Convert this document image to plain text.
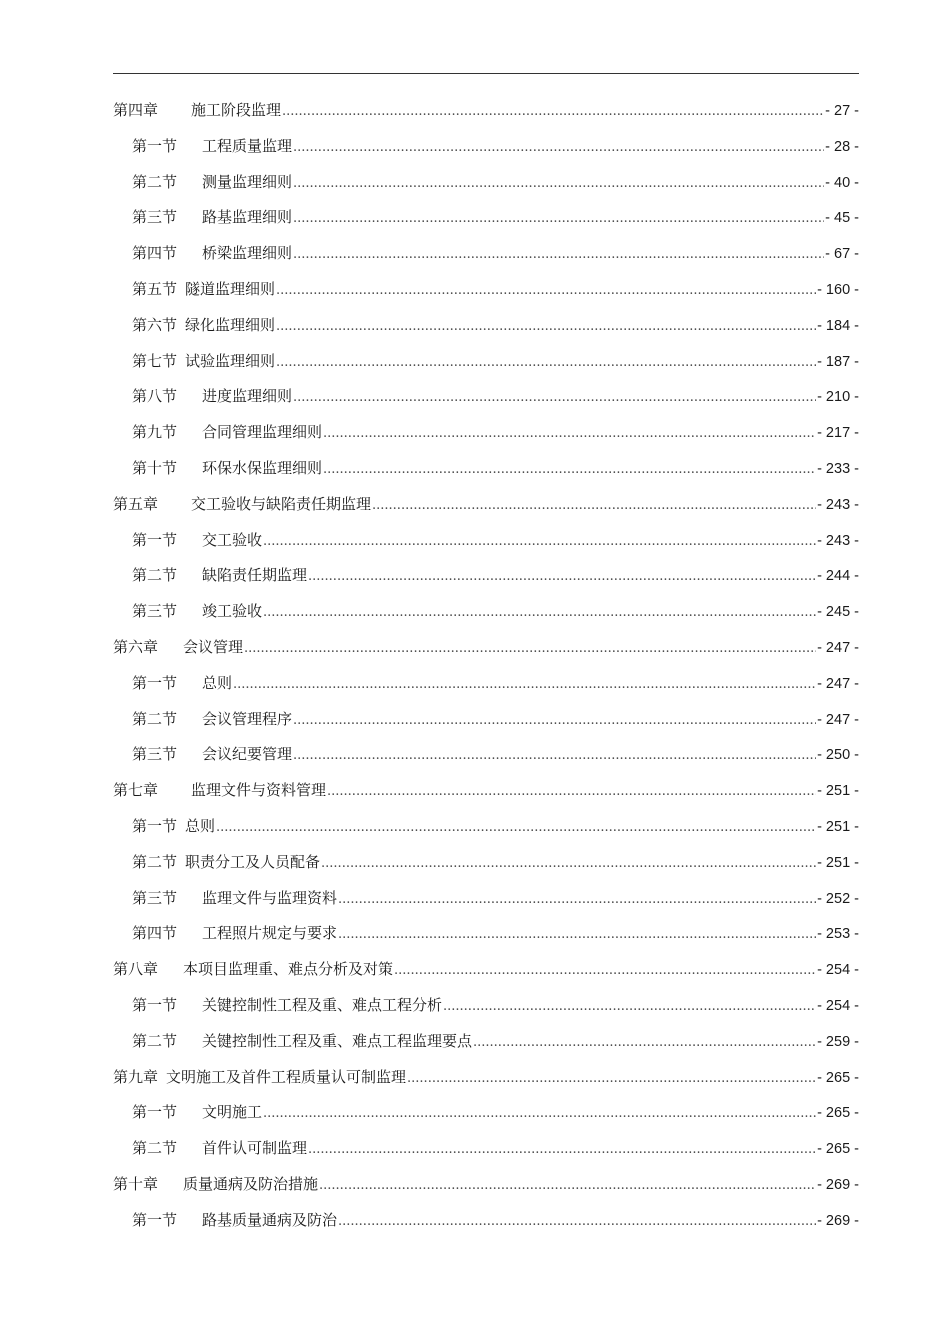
第四章 施工阶段监理 .....	- 27 -
第一节 工程质量监理 .....	- 28 -
第二节 测量监理细则 .....	- 40 -
第三节 路基监理细则 .....	- 45 -
第四节 桥梁监理细则 .....	- 67 -
第五节 隧道监理细则 .....	- 160 -
第六节 绿化监理细则 .....	- 184 -
第七节 试验监理细则 .....	- 187 -
第八节 进度监理细则 .....	- 210 -
第九节 合同管理监理细则 .....	- 217 -
第十节 环保水保监理细则 .....	- 233 -
第五章 交工验收与缺陷责任期监理 .....	- 243 -
第一节 交工验收 .....	- 243 -
第二节 缺陷责任期监理 .....	- 244 -
第三节 竣工验收 .....	- 245 -
第六章 会议管理 .....	- 247 -
第一节 总则 .....	- 247 -
第二节 会议管理程序 .....	- 247 -
第三节 会议纪要管理 .....	- 250 -
第七章 监理文件与资料管理 .....	- 251 -
第一节 总则 .....	- 251 -
第二节 职责分工及人员配备 .....	- 251 -
第三节 监理文件与监理资料 .....	- 252 -
第四节 工程照片规定与要求 .....	- 253 -
第八章 本项目监理重、难点分析及对策 .....	- 254 -
第一节 关键控制性工程及重、难点工程分析 .....	- 254 -
第二节 关键控制性工程及重、难点工程监理要点 .....	- 259 -
第九章 文明施工及首件工程质量认可制监理 .....	- 265 -
第一节 文明施工 .....	- 265 -
第二节 首件认可制监理 .....	- 265 -
第十章 质量通病及防治措施 .....	- 269 -
第一节 路基质量通病及防治 .....	- 269 -
